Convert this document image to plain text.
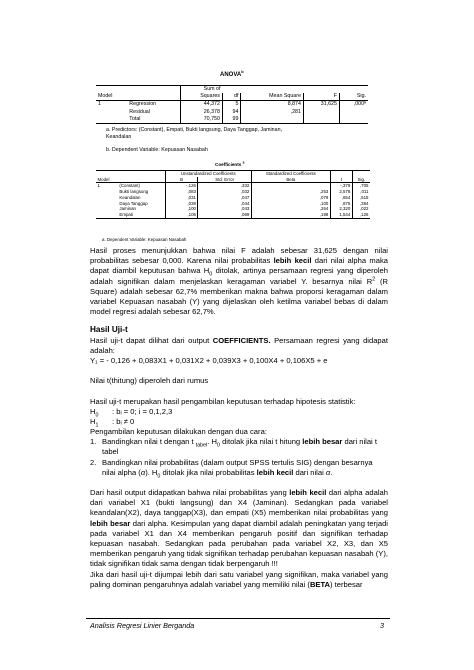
ANOVA$^b$
		Sum of				
Model		Squares	df	Mean Square	F	Sig.
1	Regression	44,372	5	8,874	31,625	,000ª
	Residual	26,378	94	,281		
	Total	70,750	99			
a. Predictors: (Constant), Empati, Bukti langsung, Daya Tanggap, Jaminan, Keandalan
b. Dependent Variable: Kepuasan Nasabah
Coefficients $^a$
		Unstandardized Coefficients		Standardized Coefficients		
Model		B	Std. Error	Beta	t	Sig.
1	(Constant)	-,126	,332		-,379	,705
	Bukti langsung	,083	,032	,253	2,578	,011
	Keandalan	,031	,047	,079	,654	,515
	Daya Tanggap	,039	,044	,100	,875	,384
	Jaminan	,100	,043	,264	2,320	,022
	Empati	,106	,069	,198	1,544	,126
a. Dependent Variable: Kepuasan Nasabah
Hasil proses menunjukkan bahwa nilai F adalah sebesar 31,625 dengan nilai probabilitas sebesar 0,000. Karena nilai probabilitas lebih kecil dari nilai alpha maka dapat diambil keputusan bahwa $H_0$ ditolak, artinya persamaan regresi yang diperoleh adalah signifikan dalam menjelaskan keragaman variabel Y. besarnya nilai $R^2$ (R Square) adalah sebesar 62,7% memberikan makna bahwa proporsi keragaman dalam variabel Kepuasan nasabah (Y) yang dijelaskan oleh ketilma variabel bebas di dalam model regresi adalah sebesar 62,7%.
Hasil Uji-t
Hasil uji-t dapat dilihat dari output COEFFICIENTS. Persamaan regresi yang didapat adalah:
Y₁ = - 0,126 + 0,083X1 + 0,031X2 + 0,039X3 + 0,100X4 + 0,106X5 + e
Nilai t(thitung) diperoleh dari rumus
Hasil uji-t merupakan hasil pengambilan keputusan terhadap hipotesis statistik:
$H_0$ : bᵢ = 0; i = 0,1,2,3
$H_1$ : bᵢ ≠ 0
Pengambilan keputusan dilakukan dengan dua cara:
1. Bandingkan nilai t dengan t $_{tabel}$. $H_0$ ditolak jika nilai t hitung lebih besar dari nilai t tabel
2. Bandingkan nilai probabilitas (dalam output SPSS tertulis SIG) dengan besarnya nilai alpha (α). $H_0$ ditolak jika nilai probabilitas lebih kecil dari nilai α.
Dari hasil output didapatkan bahwa nilai probabilitas yang lebih kecil dari alpha adalah dari variabel X1 (bukti langsung) dan X4 (Jaminan). Sedangkan pada variabel keandalan(X2), daya tanggap(X3), dan empati (X5) memberikan nilai probabilitas yang lebih besar dari alpha. Kesimpulan yang dapat diambil adalah peningkatan yang terjadi pada variabel X1 dan X4 memberikan pengaruh positif dan signifikan terhadap kepuasan nasabah. Sedangkan pada perubahan pada variabel X2, X3, dan X5 memberikan pengaruh yang tidak signifikan terhadap perubahan kepuasan nasabah (Y), tidak signifikan tidak sama dengan tidak berpengaruh !!!
Jika dari hasil uji-t dijumpai lebih dari satu variabel yang signifikan, maka variabel yang paling dominan pengaruhnya adalah variabel yang memiliki nilai (BETA) terbesar
Analisis Regresi Linier Berganda	3
